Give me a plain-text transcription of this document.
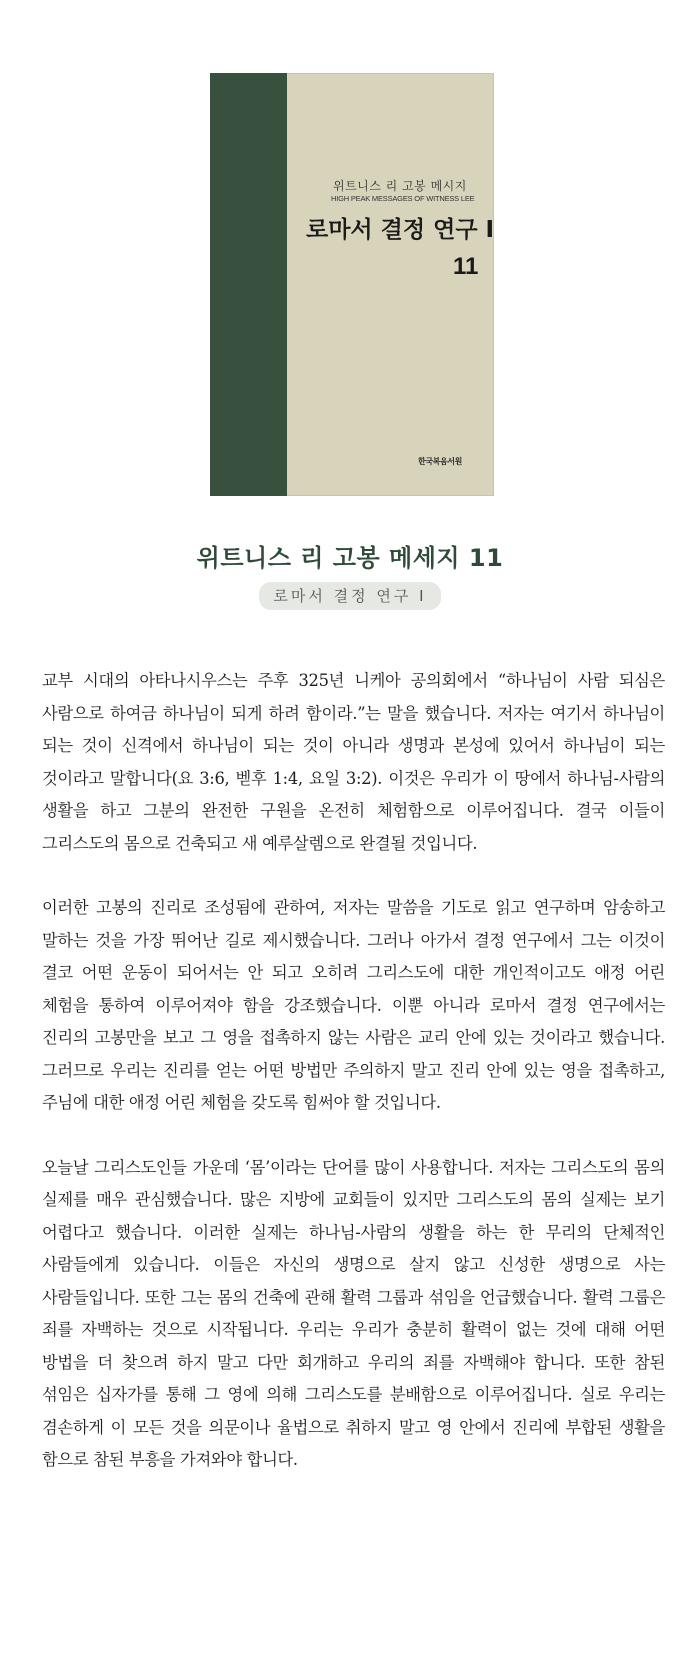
위트니스 리 고봉 메시지
HIGH PEAK MESSAGES OF WITNESS LEE
로마서 결정 연구 I
11
한국복음서원
위트니스 리 고봉 메세지 11
로마서 결정 연구 I

교부 시대의 아타나시우스는 주후 325년 니케아 공의회에서 “하나님이 사람 되심은 사람으로 하여금 하나님이 되게 하려 함이라.”는 말을 했습니다. 저자는 여기서 하나님이 되는 것이 신격에서 하나님이 되는 것이 아니라 생명과 본성에 있어서 하나님이 되는 것이라고 말합니다(요 3:6, 벧후 1:4, 요일 3:2). 이것은 우리가 이 땅에서 하나님-사람의 생활을 하고 그분의 완전한 구원을 온전히 체험함으로 이루어집니다. 결국 이들이 그리스도의 몸으로 건축되고 새 예루살렘으로 완결될 것입니다.

이러한 고봉의 진리로 조성됨에 관하여, 저자는 말씀을 기도로 읽고 연구하며 암송하고 말하는 것을 가장 뛰어난 길로 제시했습니다. 그러나 아가서 결정 연구에서 그는 이것이 결코 어떤 운동이 되어서는 안 되고 오히려 그리스도에 대한 개인적이고도 애정 어린 체험을 통하여 이루어져야 함을 강조했습니다. 이뿐 아니라 로마서 결정 연구에서는 진리의 고봉만을 보고 그 영을 접촉하지 않는 사람은 교리 안에 있는 것이라고 했습니다. 그러므로 우리는 진리를 얻는 어떤 방법만 주의하지 말고 진리 안에 있는 영을 접촉하고, 주님에 대한 애정 어린 체험을 갖도록 힘써야 할 것입니다.

오늘날 그리스도인들 가운데 ‘몸’이라는 단어를 많이 사용합니다. 저자는 그리스도의 몸의 실제를 매우 관심했습니다. 많은 지방에 교회들이 있지만 그리스도의 몸의 실제는 보기 어렵다고 했습니다. 이러한 실제는 하나님-사람의 생활을 하는 한 무리의 단체적인 사람들에게 있습니다. 이들은 자신의 생명으로 살지 않고 신성한 생명으로 사는 사람들입니다. 또한 그는 몸의 건축에 관해 활력 그룹과 섞임을 언급했습니다. 활력 그룹은 죄를 자백하는 것으로 시작됩니다. 우리는 우리가 충분히 활력이 없는 것에 대해 어떤 방법을 더 찾으려 하지 말고 다만 회개하고 우리의 죄를 자백해야 합니다. 또한 참된 섞임은 십자가를 통해 그 영에 의해 그리스도를 분배함으로 이루어집니다. 실로 우리는 겸손하게 이 모든 것을 의문이나 율법으로 취하지 말고 영 안에서 진리에 부합된 생활을 함으로 참된 부흥을 가져와야 합니다.
